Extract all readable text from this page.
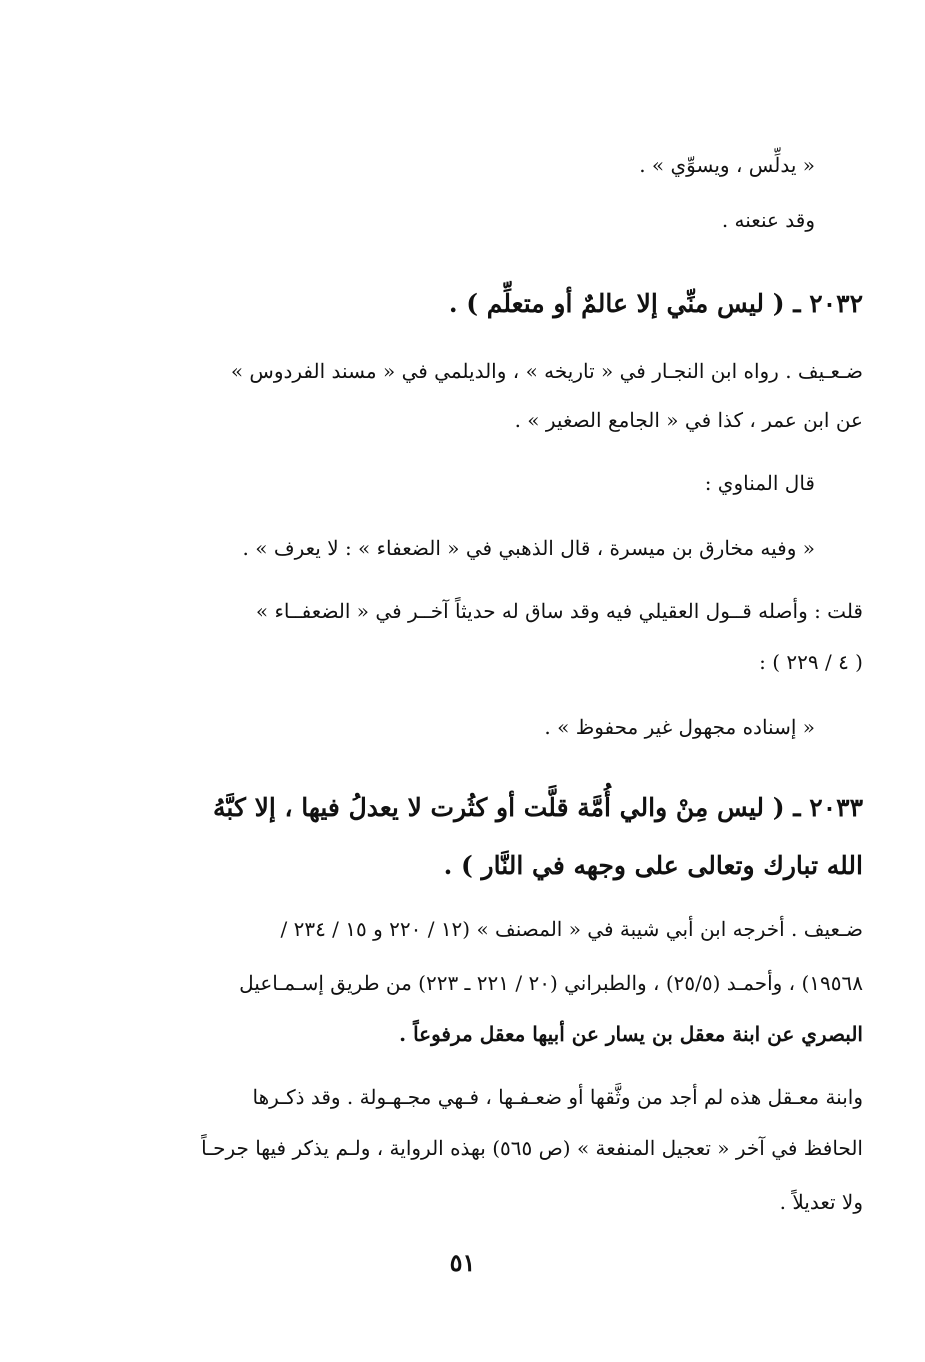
« يدلِّس ، ويسوِّي » .
وقد عنعنه .
٢٠٣٢ ـ ( ليس منِّي إلا عالمٌ أو متعلِّم ) .
ضـعـيف . رواه ابن النجـار في « تاريخه » ، والديلمي في « مسند الفردوس »
عن ابن عمر ، كذا في « الجامع الصغير » .
قال المناوي :
« وفيه مخارق بن ميسرة ، قال الذهبي في « الضعفاء » : لا يعرف » .
قلت : وأصله قــول العقيلي فيه وقد ساق له حديثاً آخــر في « الضعفــاء »
( ٤ / ٢٢٩ ) :
« إسناده مجهول غير محفوظ » .
٢٠٣٣ ـ ( ليس مِنْ والي أُمَّة قلَّت أو كثُرت لا يعدلُ فيها ، إلا كبَّهُ
الله تبارك وتعالى على وجهه في النَّار ) .
ضـعيف . أخرجه ابن أبي شيبة في « المصنف » (١٢ / ٢٢٠ و ١٥ / ٢٣٤ /
١٩٥٦٨) ، وأحمـد (٢٥/٥) ، والطبراني (٢٠ / ٢٢١ ـ ٢٢٣) من طريق إسـمـاعيل
البصري عن ابنة معقل بن يسار عن أبيها معقل مرفوعاً .
وابنة معـقل هذه لم أجد من وثَّقها أو ضعـفـها ، فـهي مجـهـولة . وقد ذكـرها
الحافظ في آخر « تعجيل المنفعة » (ص ٥٦٥) بهذه الرواية ، ولـم يذكر فيها جرحـاً
ولا تعديلاً .
٥١
